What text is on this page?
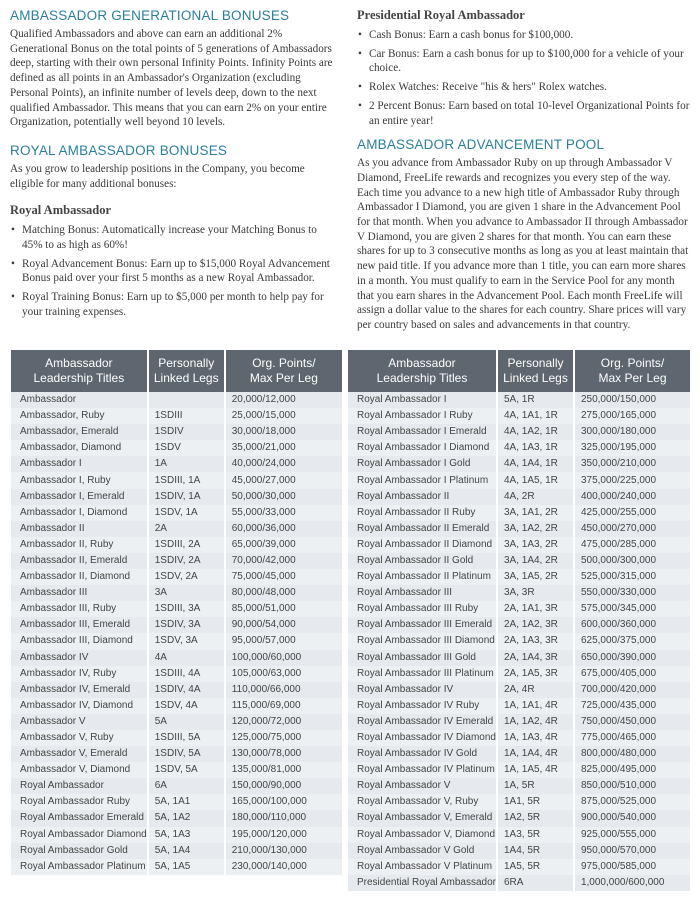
AMBASSADOR GENERATIONAL BONUSES

Qualified Ambassadors and above can earn an additional 2% Generational Bonus on the total points of 5 generations of Ambassadors deep, starting with their own personal Infinity Points. Infinity Points are defined as all points in an Ambassador's Organization (excluding Personal Points), an infinite number of levels deep, down to the next qualified Ambassador. This means that you can earn 2% on your entire Organization, potentially well beyond 10 levels.

ROYAL AMBASSADOR BONUSES

As you grow to leadership positions in the Company, you become eligible for many additional bonuses:

Royal Ambassador
• Matching Bonus: Automatically increase your Matching Bonus to 45% to as high as 60%!
• Royal Advancement Bonus: Earn up to $15,000 Royal Advancement Bonus paid over your first 5 months as a new Royal Ambassador.
• Royal Training Bonus: Earn up to $5,000 per month to help pay for your training expenses.
Presidential Royal Ambassador
• Cash Bonus: Earn a cash bonus for $100,000.
• Car Bonus: Earn a cash bonus for up to $100,000 for a vehicle of your choice.
• Rolex Watches: Receive "his & hers" Rolex watches.
• 2 Percent Bonus: Earn based on total 10-level Organizational Points for an entire year!
AMBASSADOR ADVANCEMENT POOL

As you advance from Ambassador Ruby on up through Ambassador V Diamond, FreeLife rewards and recognizes you every step of the way. Each time you advance to a new high title of Ambassador Ruby through Ambassador I Diamond, you are given 1 share in the Advancement Pool for that month. When you advance to Ambassador II through Ambassador V Diamond, you are given 2 shares for that month. You can earn these shares for up to 3 consecutive months as long as you at least maintain that new paid title. If you advance more than 1 title, you can earn more shares in a month. You must qualify to earn in the Service Pool for any month that you earn shares in the Advancement Pool. Each month FreeLife will assign a dollar value to the shares for each country. Share prices will vary per country based on sales and advancements in that country.

Ambassador
Leadership Titles	Personally
Linked Legs	Org. Points/
Max Per Leg
Ambassador		20,000/12,000
Ambassador, Ruby	1SDIII	25,000/15,000
Ambassador, Emerald	1SDIV	30,000/18,000
Ambassador, Diamond	1SDV	35,000/21,000
Ambassador I	1A	40,000/24,000
Ambassador I, Ruby	1SDIII, 1A	45,000/27,000
Ambassador I, Emerald	1SDIV, 1A	50,000/30,000
Ambassador I, Diamond	1SDV, 1A	55,000/33,000
Ambassador II	2A	60,000/36,000
Ambassador II, Ruby	1SDIII, 2A	65,000/39,000
Ambassador II, Emerald	1SDIV, 2A	70,000/42,000
Ambassador II, Diamond	1SDV, 2A	75,000/45,000
Ambassador III	3A	80,000/48,000
Ambassador III, Ruby	1SDIII, 3A	85,000/51,000
Ambassador III, Emerald	1SDIV, 3A	90,000/54,000
Ambassador III, Diamond	1SDV, 3A	95,000/57,000
Ambassador IV	4A	100,000/60,000
Ambassador IV, Ruby	1SDIII, 4A	105,000/63,000
Ambassador IV, Emerald	1SDIV, 4A	110,000/66,000
Ambassador IV, Diamond	1SDV, 4A	115,000/69,000
Ambassador V	5A	120,000/72,000
Ambassador V, Ruby	1SDIII, 5A	125,000/75,000
Ambassador V, Emerald	1SDIV, 5A	130,000/78,000
Ambassador V, Diamond	1SDV, 5A	135,000/81,000
Royal Ambassador	6A	150,000/90,000
Royal Ambassador Ruby	5A, 1A1	165,000/100,000
Royal Ambassador Emerald	5A, 1A2	180,000/110,000
Royal Ambassador Diamond	5A, 1A3	195,000/120,000
Royal Ambassador Gold	5A, 1A4	210,000/130,000
Royal Ambassador Platinum	5A, 1A5	230,000/140,000
Ambassador
Leadership Titles	Personally
Linked Legs	Org. Points/
Max Per Leg
Royal Ambassador I	5A, 1R	250,000/150,000
Royal Ambassador I Ruby	4A, 1A1, 1R	275,000/165,000
Royal Ambassador I Emerald	4A, 1A2, 1R	300,000/180,000
Royal Ambassador I Diamond	4A, 1A3, 1R	325,000/195,000
Royal Ambassador I Gold	4A, 1A4, 1R	350,000/210,000
Royal Ambassador I Platinum	4A, 1A5, 1R	375,000/225,000
Royal Ambassador II	4A, 2R	400,000/240,000
Royal Ambassador II Ruby	3A, 1A1, 2R	425,000/255,000
Royal Ambassador II Emerald	3A, 1A2, 2R	450,000/270,000
Royal Ambassador II Diamond	3A, 1A3, 2R	475,000/285,000
Royal Ambassador II Gold	3A, 1A4, 2R	500,000/300,000
Royal Ambassador II Platinum	3A, 1A5, 2R	525,000/315,000
Royal Ambassador III	3A, 3R	550,000/330,000
Royal Ambassador III Ruby	2A, 1A1, 3R	575,000/345,000
Royal Ambassador III Emerald	2A, 1A2, 3R	600,000/360,000
Royal Ambassador III Diamond	2A, 1A3, 3R	625,000/375,000
Royal Ambassador III Gold	2A, 1A4, 3R	650,000/390,000
Royal Ambassador III Platinum	2A, 1A5, 3R	675,000/405,000
Royal Ambassador IV	2A, 4R	700,000/420,000
Royal Ambassador IV Ruby	1A, 1A1, 4R	725,000/435,000
Royal Ambassador IV Emerald	1A, 1A2, 4R	750,000/450,000
Royal Ambassador IV Diamond	1A, 1A3, 4R	775,000/465,000
Royal Ambassador IV Gold	1A, 1A4, 4R	800,000/480,000
Royal Ambassador IV Platinum	1A, 1A5, 4R	825,000/495,000
Royal Ambassador V	1A, 5R	850,000/510,000
Royal Ambassador V, Ruby	1A1, 5R	875,000/525,000
Royal Ambassador V, Emerald	1A2, 5R	900,000/540,000
Royal Ambassador V, Diamond	1A3, 5R	925,000/555,000
Royal Ambassador V Gold	1A4, 5R	950,000/570,000
Royal Ambassador V Platinum	1A5, 5R	975,000/585,000
Presidential Royal Ambassador	6RA	1,000,000/600,000
